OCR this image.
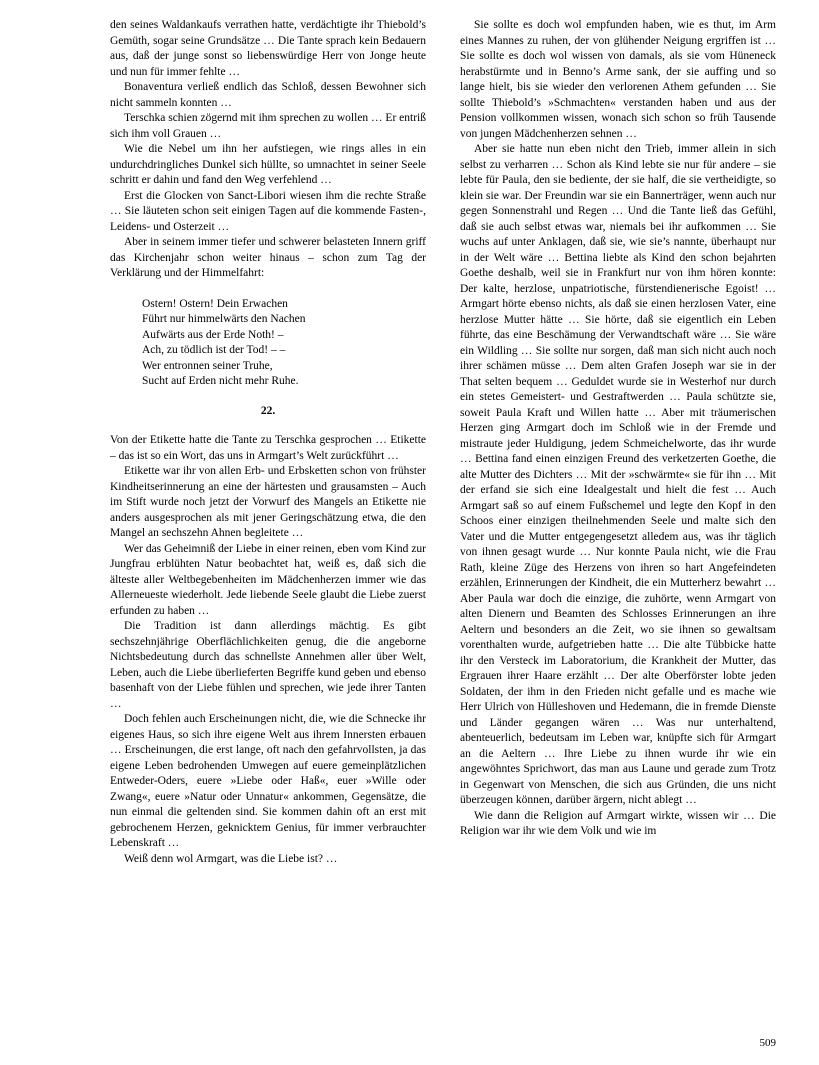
den seines Waldankaufs verrathen hatte, verdächtigte ihr Thiebold’s Gemüth, sogar seine Grundsätze … Die Tante sprach kein Bedauern aus, daß der junge sonst so liebenswürdige Herr von Jonge heute und nun für immer fehlte …

Bonaventura verließ endlich das Schloß, dessen Bewohner sich nicht sammeln konnten …

Terschka schien zögernd mit ihm sprechen zu wollen … Er entriß sich ihm voll Grauen …

Wie die Nebel um ihn her aufstiegen, wie rings alles in ein undurchdringliches Dunkel sich hüllte, so umnachtet in seiner Seele schritt er dahin und fand den Weg verfehlend …

Erst die Glocken von Sanct-Libori wiesen ihm die rechte Straße … Sie läuteten schon seit einigen Tagen auf die kommende Fasten-, Leidens- und Osterzeit …

Aber in seinem immer tiefer und schwerer belasteten Innern griff das Kirchenjahr schon weiter hinaus – schon zum Tag der Verklärung und der Himmelfahrt:

Ostern! Ostern! Dein Erwachen
Führt nur himmelwärts den Nachen
Aufwärts aus der Erde Noth! –
Ach, zu tödlich ist der Tod! – –
Wer entronnen seiner Truhe,
Sucht auf Erden nicht mehr Ruhe.
22.

Von der Etikette hatte die Tante zu Terschka gesprochen … Etikette – das ist so ein Wort, das uns in Armgart’s Welt zurückführt …

Etikette war ihr von allen Erb- und Erbsketten schon von frühster Kindheitserinnerung an eine der härtesten und grausamsten – Auch im Stift wurde noch jetzt der Vorwurf des Mangels an Etikette nie anders ausgesprochen als mit jener Geringschätzung etwa, die den Mangel an sechszehn Ahnen begleitete …

Wer das Geheimniß der Liebe in einer reinen, eben vom Kind zur Jungfrau erblühten Natur beobachtet hat, weiß es, daß sich die älteste aller Weltbegebenheiten im Mädchenherzen immer wie das Allerneueste wiederholt. Jede liebende Seele glaubt die Liebe zuerst erfunden zu haben …

Die Tradition ist dann allerdings mächtig. Es gibt sechszehnjährige Oberflächlichkeiten genug, die die angeborne Nichtsbedeutung durch das schnellste Annehmen aller über Welt, Leben, auch die Liebe überlieferten Begriffe kund geben und ebenso basenhaft von der Liebe fühlen und sprechen, wie jede ihrer Tanten …

Doch fehlen auch Erscheinungen nicht, die, wie die Schnecke ihr eigenes Haus, so sich ihre eigene Welt aus ihrem Innersten erbauen … Erscheinungen, die erst lange, oft nach den gefahrvollsten, ja das eigene Leben bedrohenden Umwegen auf euere gemeinplätzlichen Entweder-Oders, euere »Liebe oder Haß«, euer »Wille oder Zwang«, euere »Natur oder Unnatur« ankommen, Gegensätze, die nun einmal die geltenden sind. Sie kommen dahin oft an erst mit gebrochenem Herzen, geknicktem Genius, für immer verbrauchter Lebenskraft …

Weiß denn wol Armgart, was die Liebe ist? …

Sie sollte es doch wol empfunden haben, wie es thut, im Arm eines Mannes zu ruhen, der von glühender Neigung ergriffen ist … Sie sollte es doch wol wissen von damals, als sie vom Hüneneck herabstürmte und in Benno’s Arme sank, der sie auffing und so lange hielt, bis sie wieder den verlorenen Athem gefunden … Sie sollte Thiebold’s »Schmachten« verstanden haben und aus der Pension vollkommen wissen, wonach sich schon so früh Tausende von jungen Mädchenherzen sehnen …

Aber sie hatte nun eben nicht den Trieb, immer allein in sich selbst zu verharren … Schon als Kind lebte sie nur für andere – sie lebte für Paula, den sie bediente, der sie half, die sie vertheidigte, so klein sie war. Der Freundin war sie ein Bannerträger, wenn auch nur gegen Sonnenstrahl und Regen … Und die Tante ließ das Gefühl, daß sie auch selbst etwas war, niemals bei ihr aufkommen … Sie wuchs auf unter Anklagen, daß sie, wie sie’s nannte, überhaupt nur in der Welt wäre … Bettina liebte als Kind den schon bejahrten Goethe deshalb, weil sie in Frankfurt nur von ihm hören konnte: Der kalte, herzlose, unpatriotische, fürstendienerische Egoist! … Armgart hörte ebenso nichts, als daß sie einen herzlosen Vater, eine herzlose Mutter hätte … Sie hörte, daß sie eigentlich ein Leben führte, das eine Beschämung der Verwandtschaft wäre … Sie wäre ein Wildling … Sie sollte nur sorgen, daß man sich nicht auch noch ihrer schämen müsse … Dem alten Grafen Joseph war sie in der That selten bequem … Geduldet wurde sie in Westerhof nur durch ein stetes Gemeistert- und Gestraftwerden … Paula schützte sie, soweit Paula Kraft und Willen hatte … Aber mit träumerischen Herzen ging Armgart doch im Schloß wie in der Fremde und mistraute jeder Huldigung, jedem Schmeichelworte, das ihr wurde … Bettina fand einen einzigen Freund des verketzerten Goethe, die alte Mutter des Dichters … Mit der »schwärmte« sie für ihn … Mit der erfand sie sich eine Idealgestalt und hielt die fest … Auch Armgart saß so auf einem Fußschemel und legte den Kopf in den Schoos einer einzigen theilnehmenden Seele und malte sich den Vater und die Mutter entgegengesetzt alledem aus, was ihr täglich von ihnen gesagt wurde … Nur konnte Paula nicht, wie die Frau Rath, kleine Züge des Herzens von ihren so hart Angefeindeten erzählen, Erinnerungen der Kindheit, die ein Mutterherz bewahrt … Aber Paula war doch die einzige, die zuhörte, wenn Armgart von alten Dienern und Beamten des Schlosses Erinnerungen an ihre Aeltern und besonders an die Zeit, wo sie ihnen so gewaltsam vorenthalten wurde, aufgetrieben hatte … Die alte Tübbicke hatte ihr den Versteck im Laboratorium, die Krankheit der Mutter, das Ergrauen ihrer Haare erzählt … Der alte Oberförster lobte jeden Soldaten, der ihm in den Frieden nicht gefalle und es mache wie Herr Ulrich von Hülleshoven und Hedemann, die in fremde Dienste und Länder gegangen wären … Was nur unterhaltend, abenteuerlich, bedeutsam im Leben war, knüpfte sich für Armgart an die Aeltern … Ihre Liebe zu ihnen wurde ihr wie ein angewöhntes Sprichwort, das man aus Laune und gerade zum Trotz in Gegenwart von Menschen, die sich aus Gründen, die uns nicht überzeugen können, darüber ärgern, nicht ablegt …

Wie dann die Religion auf Armgart wirkte, wissen wir … Die Religion war ihr wie dem Volk und wie im

509
